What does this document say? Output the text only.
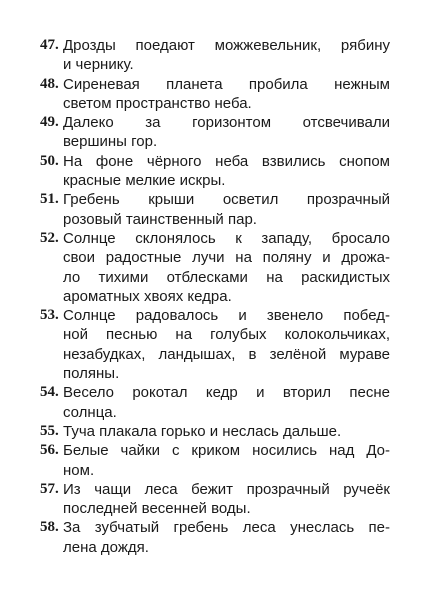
47. Дрозды поедают можжевельник, рябину
и чернику.
48. Сиреневая планета пробила нежным
светом пространство неба.
49. Далеко за горизонтом отсвечивали
вершины гор.
50. На фоне чёрного неба взвились снопом
красные мелкие искры.
51. Гребень крыши осветил прозрачный
розовый таинственный пар.
52. Солнце склонялось к западу, бросало
свои радостные лучи на поляну и дрожа-
ло тихими отблесками на раскидистых
ароматных хвоях кедра.
53. Солнце радовалось и звенело побед-
ной песнью на голубых колокольчиках,
незабудках, ландышах, в зелёной мураве
поляны.
54. Весело рокотал кедр и вторил песне
солнца.
55. Туча плакала горько и неслась дальше.
56. Белые чайки с криком носились над До-
ном.
57. Из чащи леса бежит прозрачный ручеёк
последней весенней воды.
58. За зубчатый гребень леса унеслась пе-
лена дождя.
